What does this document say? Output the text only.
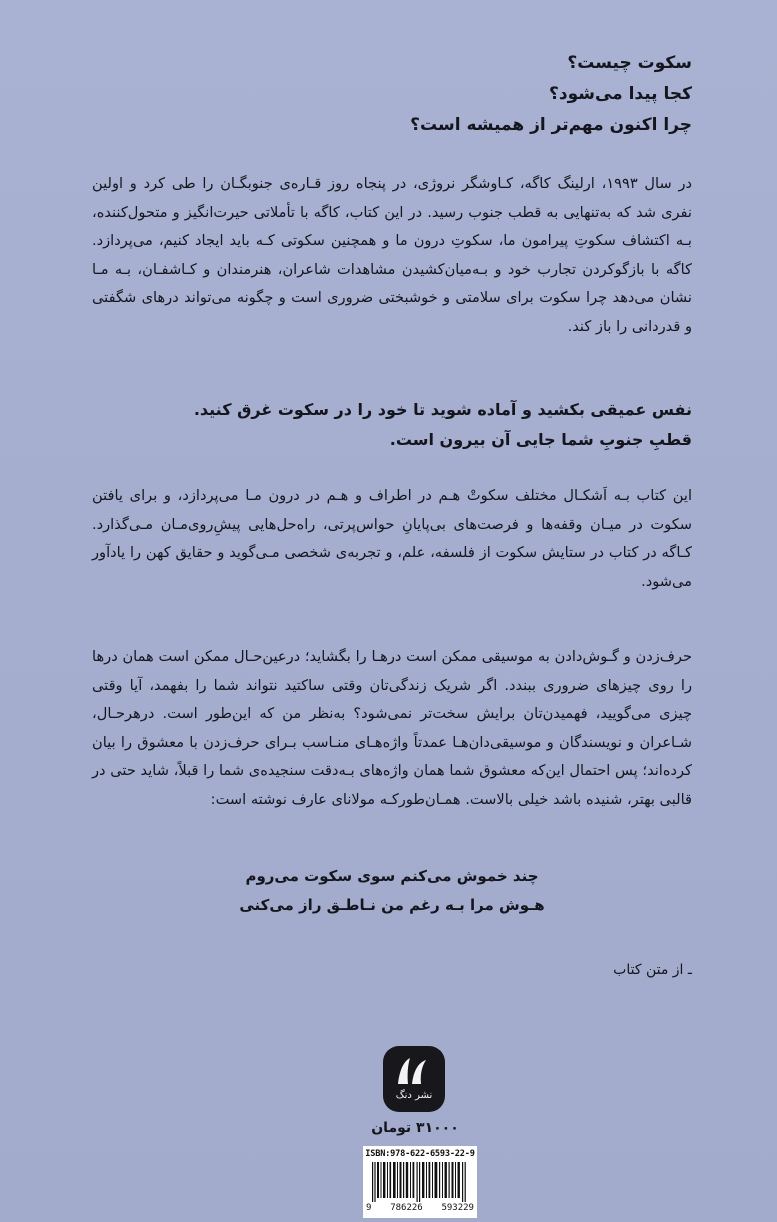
سکوت چیست؟
کجا پیدا می‌شود؟
چرا اکنون مهم‌تر از همیشه است؟
در سال ۱۹۹۳، ارلینگ کاگه، کـاوشگر نروژی، در پنجاه روز قـاره‌ی جنوبگـان را طی کرد و اولین نفری شد که به‌تنهایی به قطب جنوب رسید. در این کتاب، کاگه با تأملاتی حیرت‌انگیز و متحول‌کننده، بـه اکتشاف سکوتِ پیرامون ما، سکوتِ درون ما و همچنین سکوتی کـه باید ایجاد کنیم، می‌پردازد. کاگه با بازگوکردن تجارب خود و بـه‌میان‌کشیدن مشاهدات شاعران، هنرمندان و کـاشفـان، بـه مـا نشان می‌دهد چرا سکوت برای سلامتی و خوشبختی ضروری است و چگونه می‌تواند درهای شگفتی و قدردانی را باز کند.
نفس عمیقی بکشید و آماده شوید تا خود را در سکوت غرق کنید.
قطبِ جنوبِ شما جایی آن بیرون است.
این کتاب بـه اَشکـال مختلف سکوتْ هـم در اطراف و هـم در درون مـا می‌پردازد، و برای یافتن سکوت در میـان وقفه‌ها و فرصت‌های بی‌پایانِ حواس‌پرتی، راه‌حل‌هایی پیش‌ِروی‌مـان مـی‌گذارد. کـاگه در کتاب در ستایش سکوت از فلسفه، علم، و تجربه‌ی شخصی مـی‌گوید و حقایق کهن را یادآور می‌شود.
حرف‌زدن و گـوش‌دادن به موسیقی ممکن است درهـا را بگشاید؛ درعین‌حـال ممکن است همان درها را روی چیزهای ضروری ببندد. اگر شریک زندگی‌تان وقتی ساکتید نتواند شما را بفهمد، آیا وقتی چیزی می‌گویید، فهمیدن‌تان برایش سخت‌تر نمی‌شود؟ به‌نظر من که این‌طور است. درهرحـال، شـاعران و نویسندگان و موسیقی‌دان‌هـا عمدتاً واژه‌هـای منـاسب بـرای حرف‌زدن با معشوق را بیان کرده‌اند؛ پس احتمال این‌که معشوق شما همان واژه‌های بـه‌دقت سنجیده‌ی شما را قبلاً، شاید حتی در قالبی بهتر، شنیده باشد خیلی بالاست. همـان‌طورکـه مولانای عارف نوشته است:
چند خموش می‌کنم سوی سکوت می‌روم
هـوش مرا بـه رغم من نـاطـق راز می‌کنی
ـ از متن کتاب
نشر دنگ
۳۱۰۰۰ تومان
ISBN:978-622-6593-22-9
9 786226 593229
